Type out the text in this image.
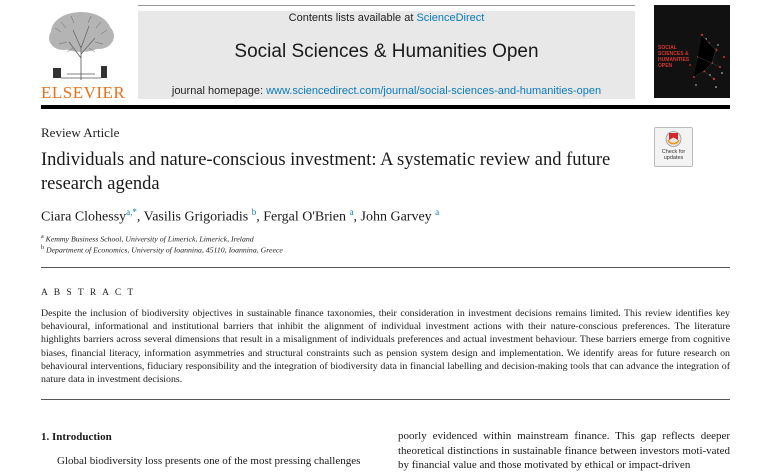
ELSEVIER
Contents lists available at ScienceDirect
Social Sciences & Humanities Open
journal homepage: www.sciencedirect.com/journal/social-sciences-and-humanities-open
SOCIAL SCIENCES & HUMANITIES OPEN
Review Article
Check for updates
Individuals and nature-conscious investment: A systematic review and future research agenda
Ciara Clohessy$^{a,*}$, Vasilis Grigoriadis $^b$, Fergal O'Brien $^a$, John Garvey $^a$
$^a$ Kemmy Business School, University of Limerick, Limerick, Ireland
$^b$ Department of Economics, University of Ioannina, 45110, Ioannina, Greece
A B S T R A C T
Despite the inclusion of biodiversity objectives in sustainable finance taxonomies, their consideration in investment decisions remains limited. This review identifies key behavioural, informational and institutional barriers that inhibit the alignment of individual investment actions with their nature-conscious preferences. The literature highlights barriers across several dimensions that result in a misalignment of individuals preferences and actual investment behaviour. These barriers emerge from cognitive biases, financial literacy, information asymmetries and structural constraints such as pension system design and implementation. We identify areas for future research on behavioural interventions, fiduciary responsibility and the integration of biodiversity data in financial labelling and decision-making tools that can advance the integration of nature data in investment decisions.
1. Introduction
Global biodiversity loss presents one of the most pressing challenges
poorly evidenced within mainstream finance. This gap reflects deeper theoretical distinctions in sustainable finance between investors moti-vated by financial value and those motivated by ethical or impact-driven
